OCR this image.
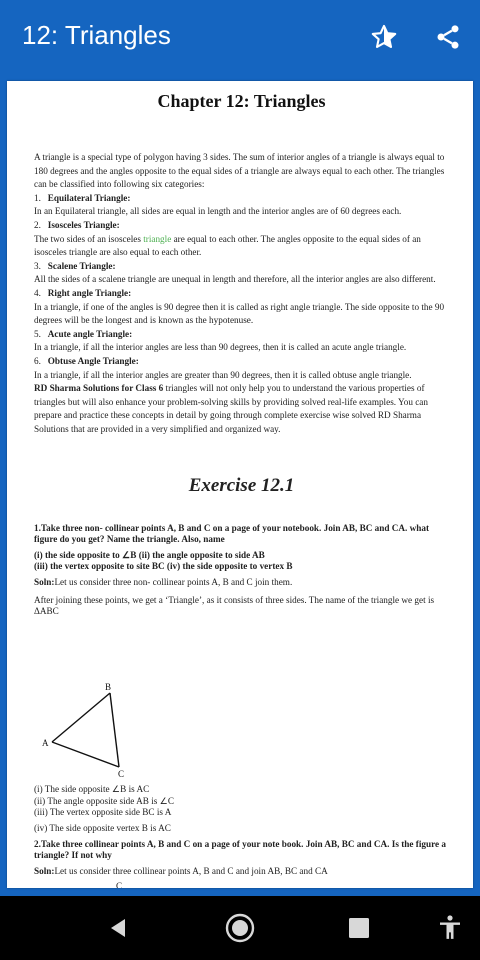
12: Triangles
Chapter 12: Triangles

A triangle is a special type of polygon having 3 sides. The sum of interior angles of a triangle is always equal to 180 degrees and the angles opposite to the equal sides of a triangle are always equal to each other. The triangles can be classified into following six categories:

1. Equilateral Triangle:

In an Equilateral triangle, all sides are equal in length and the interior angles are of 60 degrees each.

2. Isosceles Triangle:

The two sides of an isosceles triangle are equal to each other. The angles opposite to the equal sides of an isosceles triangle are also equal to each other.

3. Scalene Triangle:

All the sides of a scalene triangle are unequal in length and therefore, all the interior angles are also different.

4. Right angle Triangle:

In a triangle, if one of the angles is 90 degree then it is called as right angle triangle. The side opposite to the 90 degrees will be the longest and is known as the hypotenuse.

5. Acute angle Triangle:

In a triangle, if all the interior angles are less than 90 degrees, then it is called an acute angle triangle.

6. Obtuse Angle Triangle:

In a triangle, if all the interior angles are greater than 90 degrees, then it is called obtuse angle triangle.

RD Sharma Solutions for Class 6 triangles will not only help you to understand the various properties of triangles but will also enhance your problem-solving skills by providing solved real-life examples. You can prepare and practice these concepts in detail by going through complete exercise wise solved RD Sharma Solutions that are provided in a very simplified and organized way.

Exercise 12.1
1.Take three non- collinear points A, B and C on a page of your notebook. Join AB, BC and CA. what figure do you get? Name the triangle. Also, name
(i) the side opposite to ∠B (ii) the angle opposite to side AB
(iii) the vertex opposite to site BC (iv) the side opposite to vertex B
Soln:Let us consider three non- collinear points A, B and C join them.
After joining these points, we get a ‘Triangle’, as it consists of three sides. The name of the triangle we get is ΔABC
B
A
C
(i) The side opposite ∠B is AC
(ii) The angle opposite side AB is ∠C
(iii) The vertex opposite side BC is A
(iv) The side opposite vertex B is AC
2.Take three collinear points A, B and C on a page of your note book. Join AB, BC and CA. Is the figure a triangle? If not why
Soln:Let us consider three collinear points A, B and C and join AB, BC and CA
C
